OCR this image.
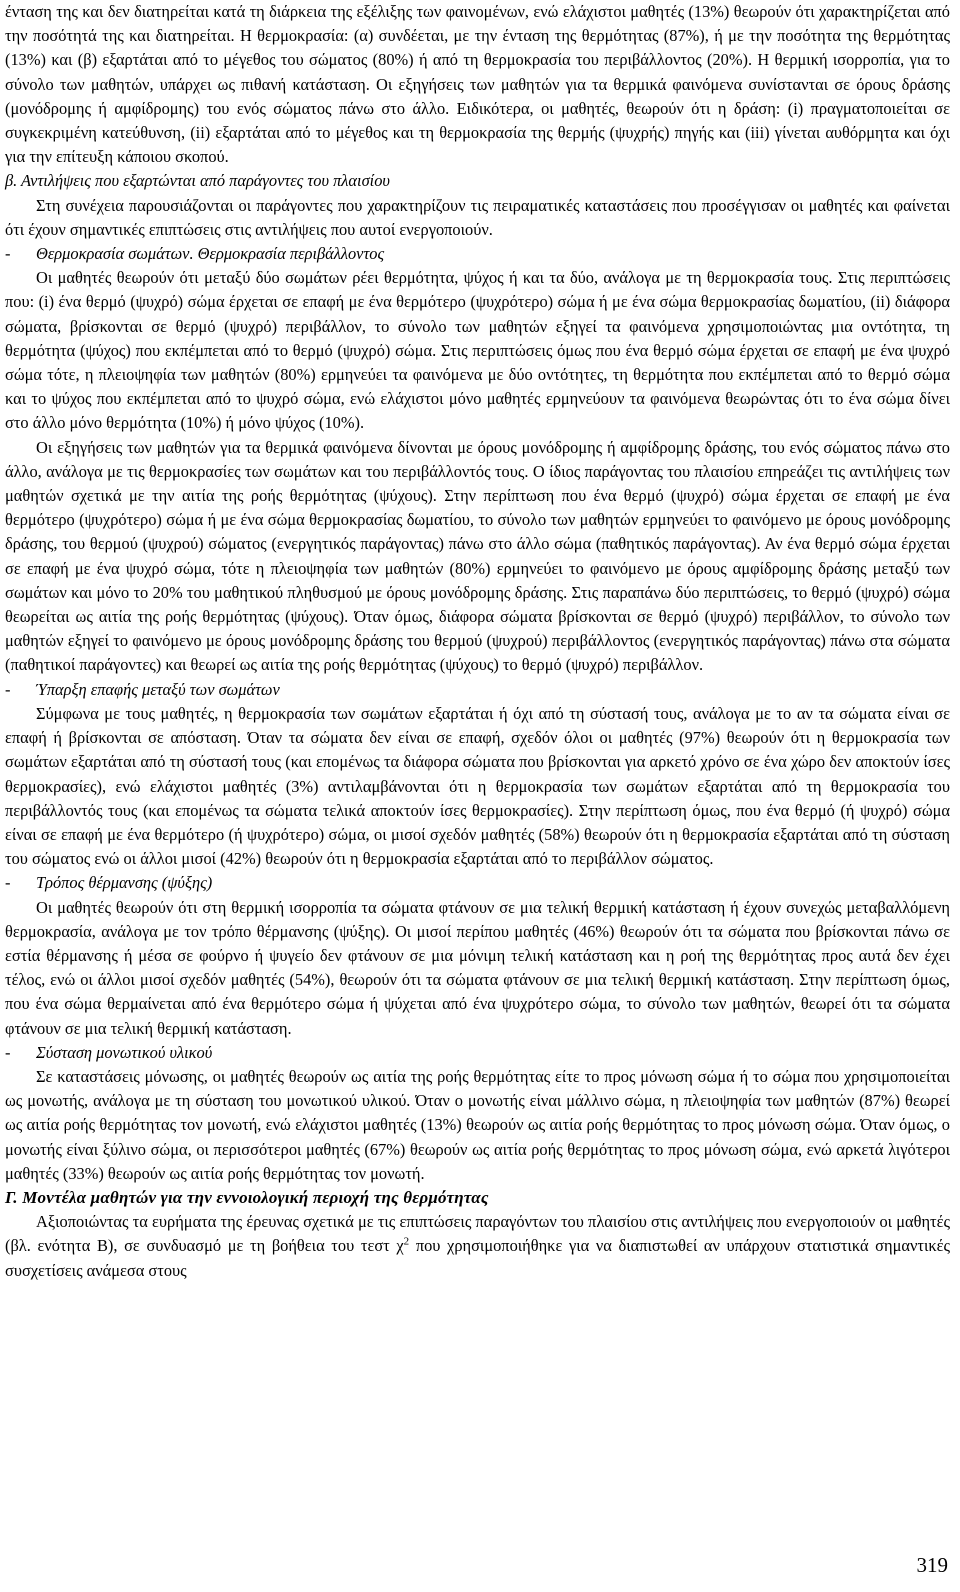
ένταση της και δεν διατηρείται κατά τη διάρκεια της εξέλιξης των φαινομένων, ενώ ελάχιστοι μαθητές (13%) θεωρούν ότι χαρακτηρίζεται από την ποσότητά της και διατηρείται. Η θερμοκρασία: (α) συνδέεται, με την ένταση της θερμότητας (87%), ή με την ποσότητα της θερμότητας (13%) και (β) εξαρτάται από το μέγεθος του σώματος (80%) ή από τη θερμοκρασία του περιβάλλοντος (20%). Η θερμική ισορροπία, για το σύνολο των μαθητών, υπάρχει ως πιθανή κατάσταση. Οι εξηγήσεις των μαθητών για τα θερμικά φαινόμενα συνίστανται σε όρους δράσης (μονόδρομης ή αμφίδρομης) του ενός σώματος πάνω στο άλλο. Ειδικότερα, οι μαθητές, θεωρούν ότι η δράση: (i) πραγματοποιείται σε συγκεκριμένη κατεύθυνση, (ii) εξαρτάται από το μέγεθος και τη θερμοκρασία της θερμής (ψυχρής) πηγής και (iii) γίνεται αυθόρμητα και όχι για την επίτευξη κάποιου σκοπού.

β. Αντιλήψεις που εξαρτώνται από παράγοντες του πλαισίου

Στη συνέχεια παρουσιάζονται οι παράγοντες που χαρακτηρίζουν τις πειραματικές καταστάσεις που προσέγγισαν οι μαθητές και φαίνεται ότι έχουν σημαντικές επιπτώσεις στις αντιλήψεις που αυτοί ενεργοποιούν.

- Θερμοκρασία σωμάτων. Θερμοκρασία περιβάλλοντος

Οι μαθητές θεωρούν ότι μεταξύ δύο σωμάτων ρέει θερμότητα, ψύχος ή και τα δύο, ανάλογα με τη θερμοκρασία τους. Στις περιπτώσεις που: (i) ένα θερμό (ψυχρό) σώμα έρχεται σε επαφή με ένα θερμότερο (ψυχρότερο) σώμα ή με ένα σώμα θερμοκρασίας δωματίου, (ii) διάφορα σώματα, βρίσκονται σε θερμό (ψυχρό) περιβάλλον, το σύνολο των μαθητών εξηγεί τα φαινόμενα χρησιμοποιώντας μια οντότητα, τη θερμότητα (ψύχος) που εκπέμπεται από το θερμό (ψυχρό) σώμα. Στις περιπτώσεις όμως που ένα θερμό σώμα έρχεται σε επαφή με ένα ψυχρό σώμα τότε, η πλειοψηφία των μαθητών (80%) ερμηνεύει τα φαινόμενα με δύο οντότητες, τη θερμότητα που εκπέμπεται από το θερμό σώμα και το ψύχος που εκπέμπεται από το ψυχρό σώμα, ενώ ελάχιστοι μόνο μαθητές ερμηνεύουν τα φαινόμενα θεωρώντας ότι το ένα σώμα δίνει στο άλλο μόνο θερμότητα (10%) ή μόνο ψύχος (10%).

Οι εξηγήσεις των μαθητών για τα θερμικά φαινόμενα δίνονται με όρους μονόδρομης ή αμφίδρομης δράσης, του ενός σώματος πάνω στο άλλο, ανάλογα με τις θερμοκρασίες των σωμάτων και του περιβάλλοντός τους. Ο ίδιος παράγοντας του πλαισίου επηρεάζει τις αντιλήψεις των μαθητών σχετικά με την αιτία της ροής θερμότητας (ψύχους). Στην περίπτωση που ένα θερμό (ψυχρό) σώμα έρχεται σε επαφή με ένα θερμότερο (ψυχρότερο) σώμα ή με ένα σώμα θερμοκρασίας δωματίου, το σύνολο των μαθητών ερμηνεύει το φαινόμενο με όρους μονόδρομης δράσης, του θερμού (ψυχρού) σώματος (ενεργητικός παράγοντας) πάνω στο άλλο σώμα (παθητικός παράγοντας). Αν ένα θερμό σώμα έρχεται σε επαφή με ένα ψυχρό σώμα, τότε η πλειοψηφία των μαθητών (80%) ερμηνεύει το φαινόμενο με όρους αμφίδρομης δράσης μεταξύ των σωμάτων και μόνο το 20% του μαθητικού πληθυσμού με όρους μονόδρομης δράσης. Στις παραπάνω δύο περιπτώσεις, το θερμό (ψυχρό) σώμα θεωρείται ως αιτία της ροής θερμότητας (ψύχους). Όταν όμως, διάφορα σώματα βρίσκονται σε θερμό (ψυχρό) περιβάλλον, το σύνολο των μαθητών εξηγεί το φαινόμενο με όρους μονόδρομης δράσης του θερμού (ψυχρού) περιβάλλοντος (ενεργητικός παράγοντας) πάνω στα σώματα (παθητικοί παράγοντες) και θεωρεί ως αιτία της ροής θερμότητας (ψύχους) το θερμό (ψυχρό) περιβάλλον.

- Ύπαρξη επαφής μεταξύ των σωμάτων

Σύμφωνα με τους μαθητές, η θερμοκρασία των σωμάτων εξαρτάται ή όχι από τη σύστασή τους, ανάλογα με το αν τα σώματα είναι σε επαφή ή βρίσκονται σε απόσταση. Όταν τα σώματα δεν είναι σε επαφή, σχεδόν όλοι οι μαθητές (97%) θεωρούν ότι η θερμοκρασία των σωμάτων εξαρτάται από τη σύστασή τους (και επομένως τα διάφορα σώματα που βρίσκονται για αρκετό χρόνο σε ένα χώρο δεν αποκτούν ίσες θερμοκρασίες), ενώ ελάχιστοι μαθητές (3%) αντιλαμβάνονται ότι η θερμοκρασία των σωμάτων εξαρτάται από τη θερμοκρασία του περιβάλλοντός τους (και επομένως τα σώματα τελικά αποκτούν ίσες θερμοκρασίες). Στην περίπτωση όμως, που ένα θερμό (ή ψυχρό) σώμα είναι σε επαφή με ένα θερμότερο (ή ψυχρότερο) σώμα, οι μισοί σχεδόν μαθητές (58%) θεωρούν ότι η θερμοκρασία εξαρτάται από τη σύσταση του σώματος ενώ οι άλλοι μισοί (42%) θεωρούν ότι η θερμοκρασία εξαρτάται από το περιβάλλον σώματος.

- Τρόπος θέρμανσης (ψύξης)

Οι μαθητές θεωρούν ότι στη θερμική ισορροπία τα σώματα φτάνουν σε μια τελική θερμική κατάσταση ή έχουν συνεχώς μεταβαλλόμενη θερμοκρασία, ανάλογα με τον τρόπο θέρμανσης (ψύξης). Οι μισοί περίπου μαθητές (46%) θεωρούν ότι τα σώματα που βρίσκονται πάνω σε εστία θέρμανσης ή μέσα σε φούρνο ή ψυγείο δεν φτάνουν σε μια μόνιμη τελική κατάσταση και η ροή της θερμότητας προς αυτά δεν έχει τέλος, ενώ οι άλλοι μισοί σχεδόν μαθητές (54%), θεωρούν ότι τα σώματα φτάνουν σε μια τελική θερμική κατάσταση. Στην περίπτωση όμως, που ένα σώμα θερμαίνεται από ένα θερμότερο σώμα ή ψύχεται από ένα ψυχρότερο σώμα, το σύνολο των μαθητών, θεωρεί ότι τα σώματα φτάνουν σε μια τελική θερμική κατάσταση.

- Σύσταση μονωτικού υλικού

Σε καταστάσεις μόνωσης, οι μαθητές θεωρούν ως αιτία της ροής θερμότητας είτε το προς μόνωση σώμα ή το σώμα που χρησιμοποιείται ως μονωτής, ανάλογα με τη σύσταση του μονωτικού υλικού. Όταν ο μονωτής είναι μάλλινο σώμα, η πλειοψηφία των μαθητών (87%) θεωρεί ως αιτία ροής θερμότητας τον μονωτή, ενώ ελάχιστοι μαθητές (13%) θεωρούν ως αιτία ροής θερμότητας το προς μόνωση σώμα. Όταν όμως, ο μονωτής είναι ξύλινο σώμα, οι περισσότεροι μαθητές (67%) θεωρούν ως αιτία ροής θερμότητας το προς μόνωση σώμα, ενώ αρκετά λιγότεροι μαθητές (33%) θεωρούν ως αιτία ροής θερμότητας τον μονωτή.

Γ. Μοντέλα μαθητών για την εννοιολογική περιοχή της θερμότητας

Αξιοποιώντας τα ευρήματα της έρευνας σχετικά με τις επιπτώσεις παραγόντων του πλαισίου στις αντιλήψεις που ενεργοποιούν οι μαθητές (βλ. ενότητα Β), σε συνδυασμό με τη βοήθεια του τεστ $\chi^2$ που χρησιμοποιήθηκε για να διαπιστωθεί αν υπάρχουν στατιστικά σημαντικές συσχετίσεις ανάμεσα στους

319
